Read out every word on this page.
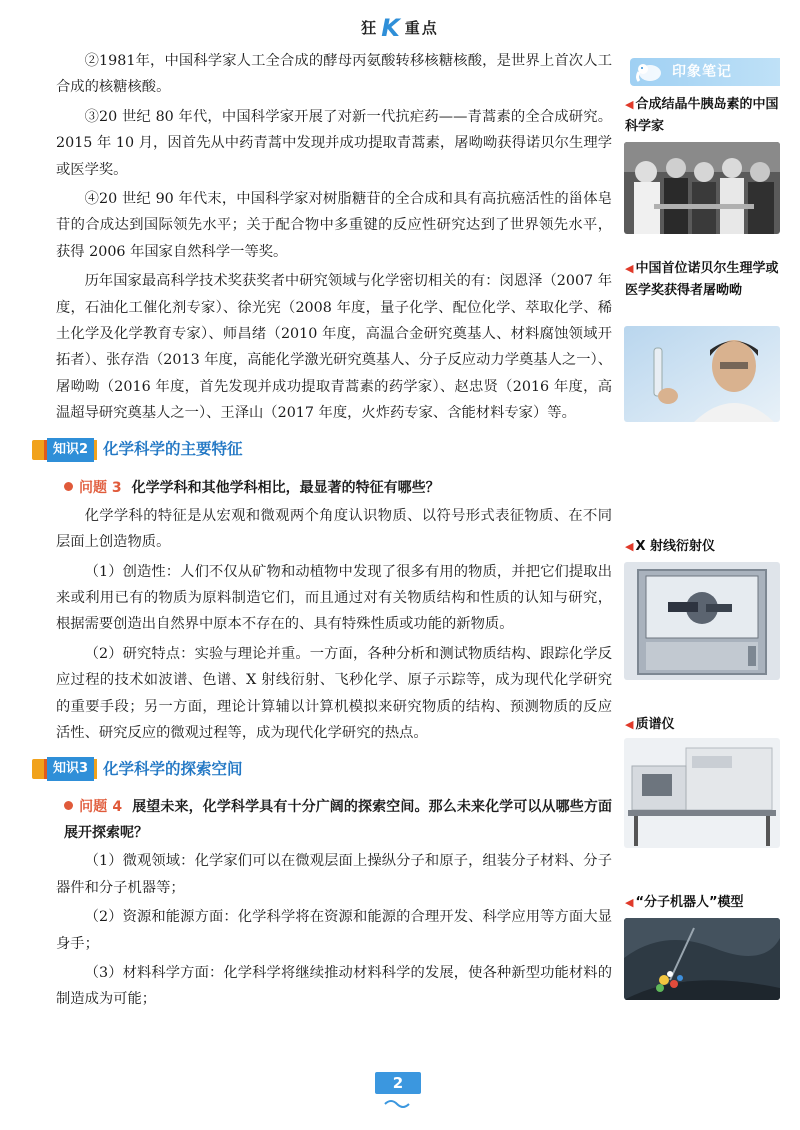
狂 K 重点

②1981年，中国科学家人工全合成的酵母丙氨酸转移核糖核酸，是世界上首次人工合成的核糖核酸。

③20 世纪 80 年代，中国科学家开展了对新一代抗疟药——青蒿素的全合成研究。2015 年 10 月，因首先从中药青蒿中发现并成功提取青蒿素，屠呦呦获得诺贝尔生理学或医学奖。

④20 世纪 90 年代末，中国科学家对树脂糖苷的全合成和具有高抗癌活性的甾体皂苷的合成达到国际领先水平；关于配合物中多重键的反应性研究达到了世界领先水平，获得 2006 年国家自然科学一等奖。

历年国家最高科学技术奖获奖者中研究领域与化学密切相关的有：闵恩泽（2007 年度，石油化工催化剂专家）、徐光宪（2008 年度，量子化学、配位化学、萃取化学、稀土化学及化学教育专家）、师昌绪（2010 年度，高温合金研究奠基人、材料腐蚀领域开拓者）、张存浩（2013 年度，高能化学激光研究奠基人、分子反应动力学奠基人之一）、屠呦呦（2016 年度，首先发现并成功提取青蒿素的药学家）、赵忠贤（2016 年度，高温超导研究奠基人之一）、王泽山（2017 年度，火炸药专家、含能材料专家）等。

知识2 化学科学的主要特征
问题 3 化学学科和其他学科相比，最显著的特征有哪些？

化学学科的特征是从宏观和微观两个角度认识物质、以符号形式表征物质、在不同层面上创造物质。

（1）创造性：人们不仅从矿物和动植物中发现了很多有用的物质，并把它们提取出来或利用已有的物质为原料制造它们，而且通过对有关物质结构和性质的认知与研究，根据需要创造出自然界中原本不存在的、具有特殊性质或功能的新物质。

（2）研究特点：实验与理论并重。一方面，各种分析和测试物质结构、跟踪化学反应过程的技术如波谱、色谱、X 射线衍射、飞秒化学、原子示踪等，成为现代化学研究的重要手段；另一方面，理论计算辅以计算机模拟来研究物质的结构、预测物质的反应活性、研究反应的微观过程等，成为现代化学研究的热点。

知识3 化学科学的探索空间
问题 4 展望未来，化学科学具有十分广阔的探索空间。那么未来化学可以从哪些方面展开探索呢？

（1）微观领域：化学家们可以在微观层面上操纵分子和原子，组装分子材料、分子器件和分子机器等；

（2）资源和能源方面：化学科学将在资源和能源的合理开发、科学应用等方面大显身手；

（3）材料科学方面：化学科学将继续推动材料科学的发展，使各种新型功能材料的制造成为可能；

印象笔记
◀ 合成结晶牛胰岛素的中国科学家
◀ 中国首位诺贝尔生理学或医学奖获得者屠呦呦
◀ X 射线衍射仪
◀ 质谱仪
◀ “分子机器人”模型
2
